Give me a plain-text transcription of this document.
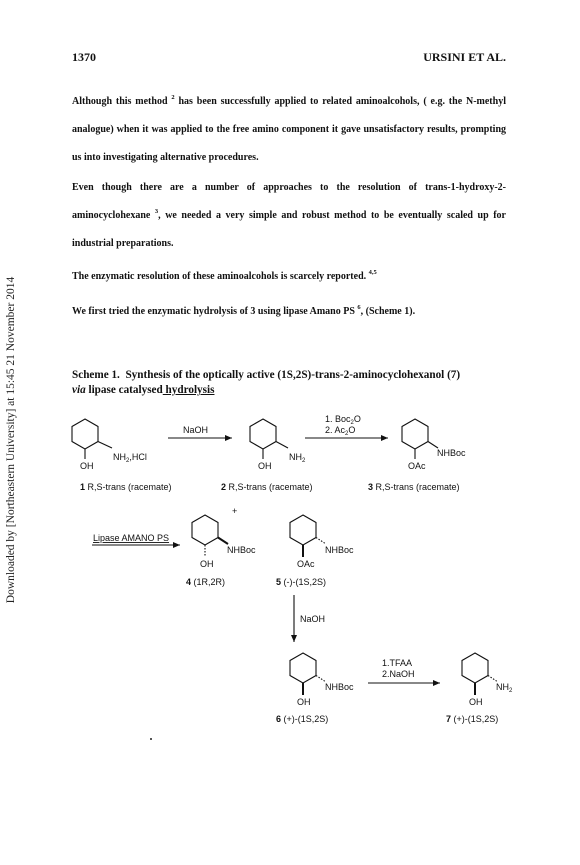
Downloaded by [Northeastern University] at 15:45 21 November 2014
1370	URSINI ET AL.

Although this method $^2$ has been successfully applied to related aminoalcohols, ( e.g. the N-methyl analogue) when it was applied to the free amino component it gave unsatisfactory results, prompting us into investigating alternative procedures.

Even though there are a number of approaches to the resolution of trans-1-hydroxy-2-aminocyclohexane $^3$, we needed a very simple and robust method to be eventually scaled up for industrial preparations.

The enzymatic resolution of these aminoalcohols is scarcely reported. $^{4,5}$

We first tried the enzymatic hydrolysis of 3 using lipase Amano PS $^6$, (Scheme 1).

Scheme 1. Synthesis of the optically active (1S,2S)-trans-2-aminocyclohexanol (7)
via lipase catalysed hydrolysis
$NH_2,HCl$
OH
1 R,S-trans (racemate)
$NH_2$
OH
2 R,S-trans (racemate)
NHBoc
OAc
3 R,S-trans (racemate)
NaOH
1. Boc$_2$O
2. $Ac_2O$
Lipase AMANO PS
+
NHBoc
OH
4 (1R,2R)
NHBoc
OAc
5 (-)-(1S,2S)
NaOH
NHBoc
OH
6 (+)-(1S,2S)
1.TFAA
2.NaOH
$NH_2$
OH
7 (+)-(1S,2S)
